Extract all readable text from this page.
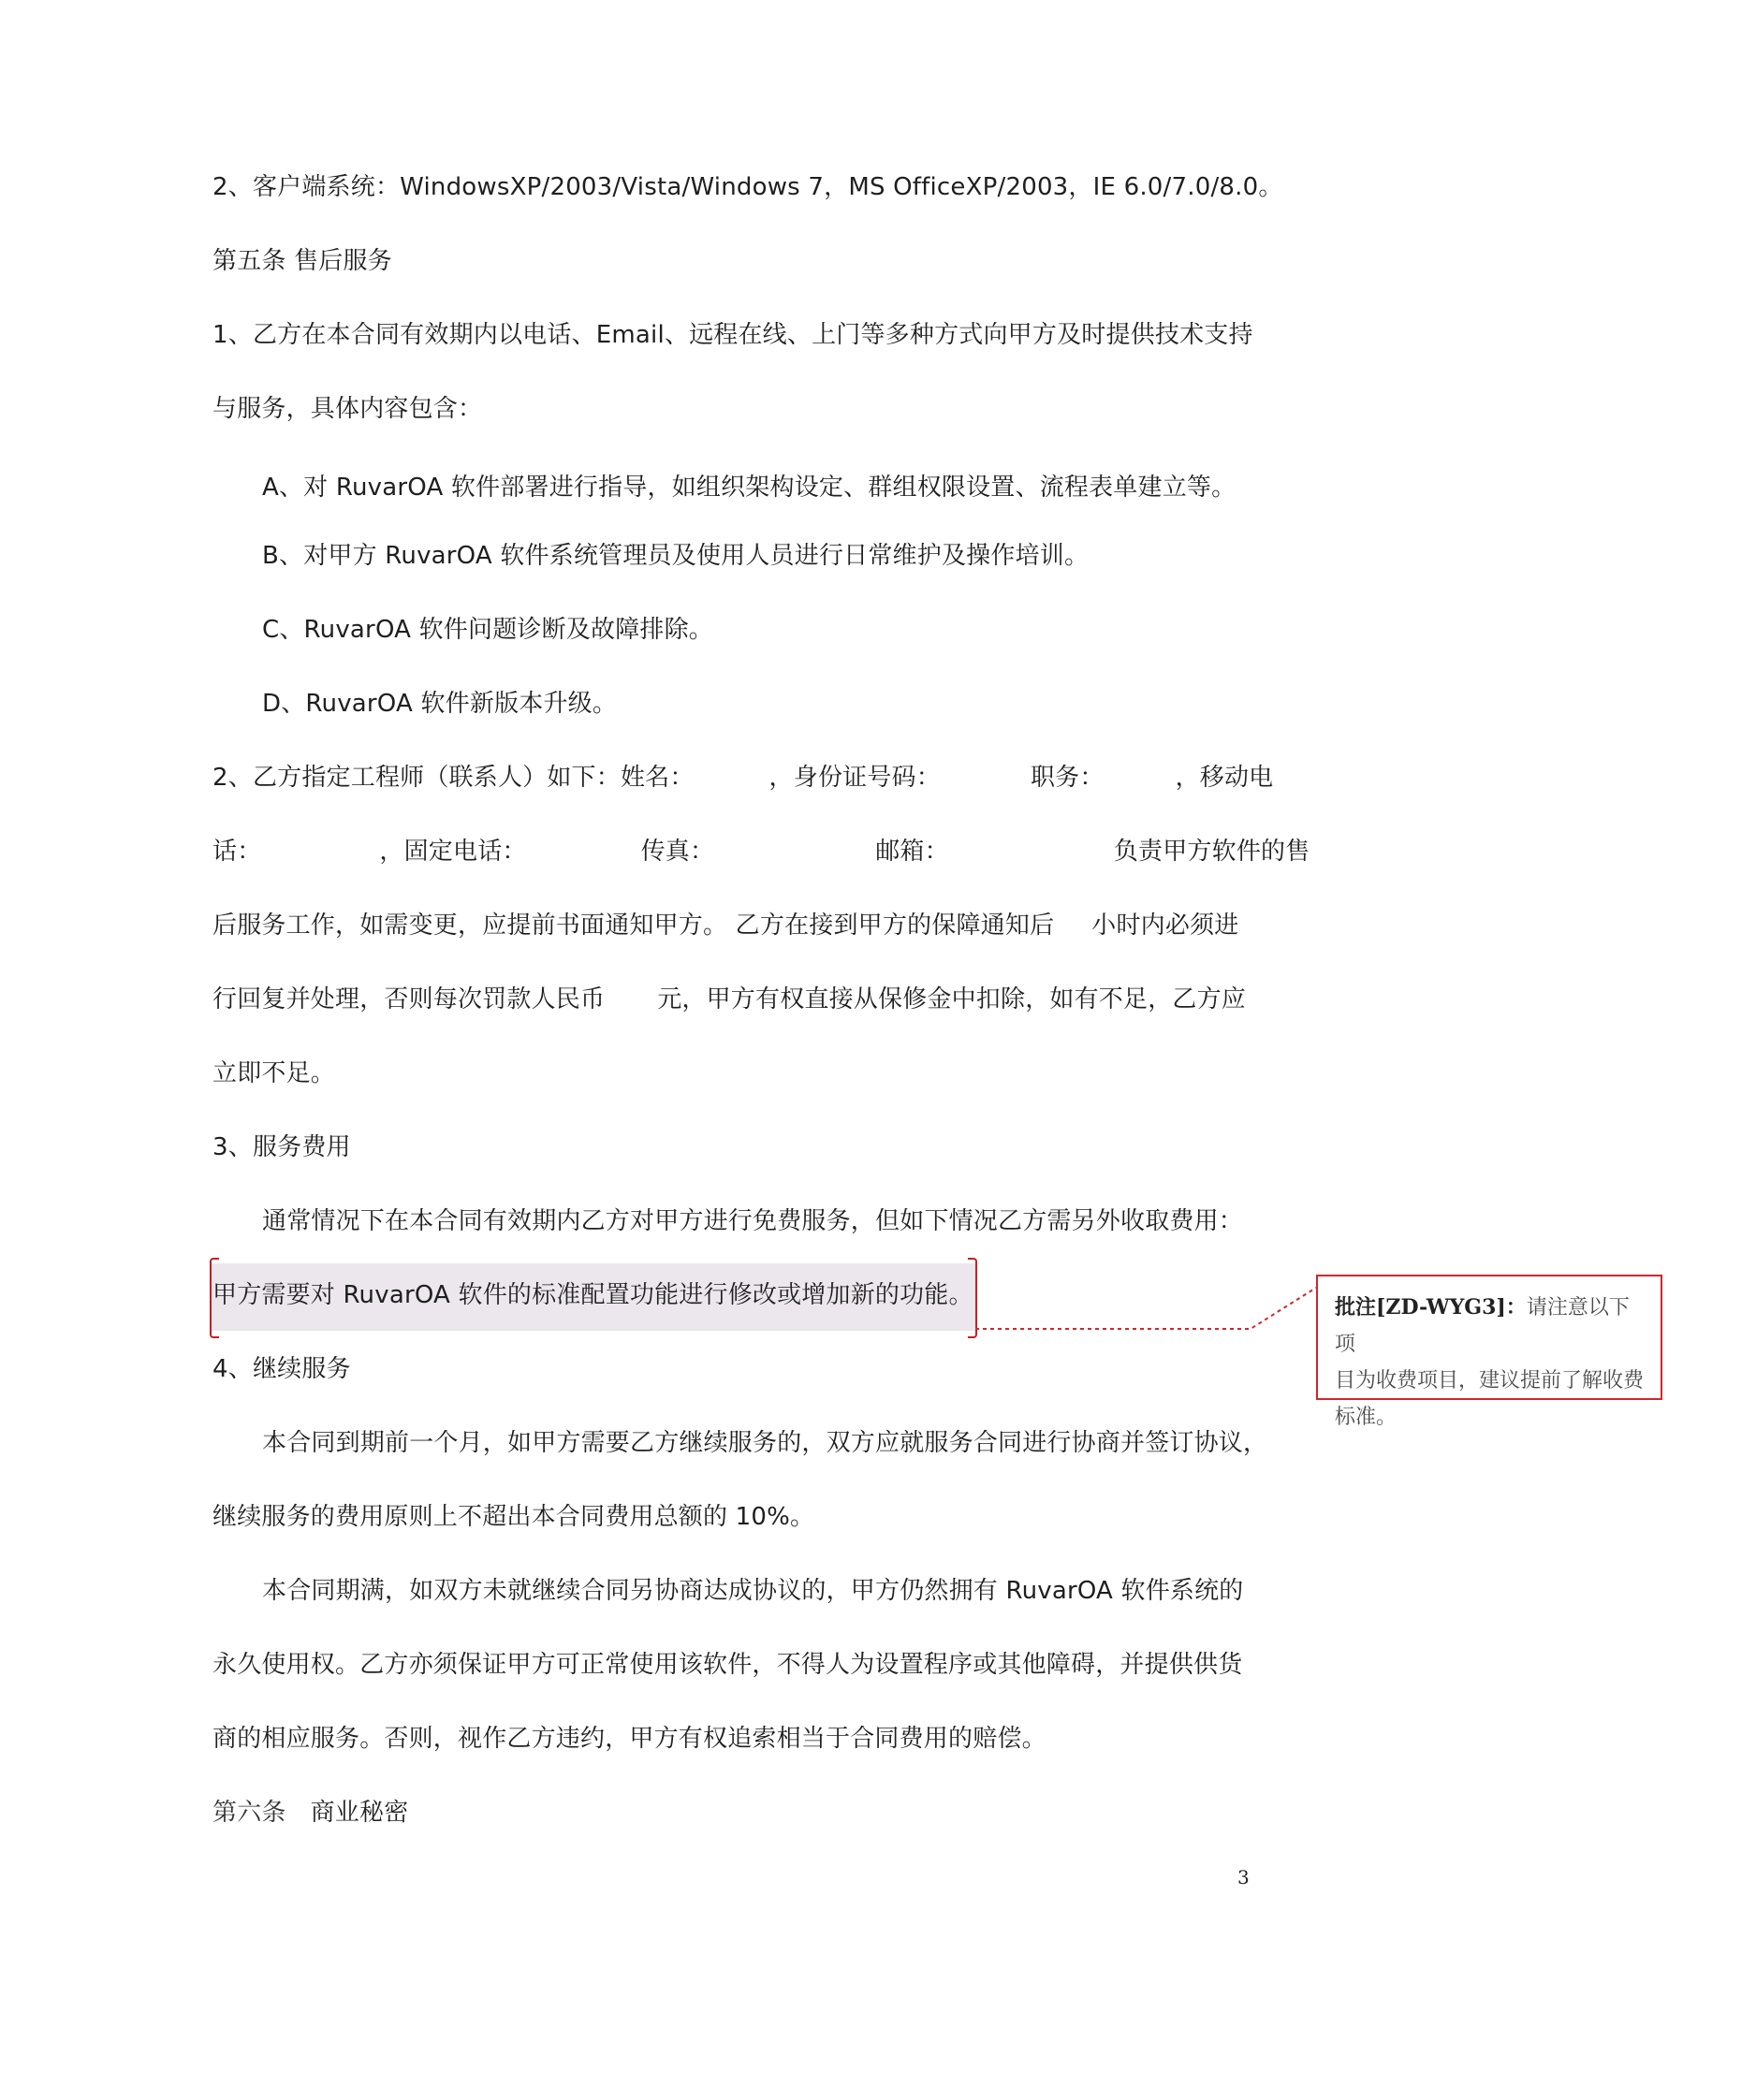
2、客户端系统：WindowsXP/2003/Vista/Windows 7，MS OfficeXP/2003，IE 6.0/7.0/8.0。
第五条 售后服务
1、乙方在本合同有效期内以电话、Email、远程在线、上门等多种方式向甲方及时提供技术支持
与服务，具体内容包含：
A、对 RuvarOA 软件部署进行指导，如组织架构设定、群组权限设置、流程表单建立等。
B、对甲方 RuvarOA 软件系统管理员及使用人员进行日常维护及操作培训。
C、RuvarOA 软件问题诊断及故障排除。
D、RuvarOA 软件新版本升级。
2、乙方指定工程师（联系人）如下：姓名：	，身份证号码：	职务：	，移动电
话：	，固定电话：	传真：	邮箱：	负责甲方软件的售
后服务工作，如需变更，应提前书面通知甲方。 乙方在接到甲方的保障通知后 小时内必须进
行回复并处理，否则每次罚款人民币 元，甲方有权直接从保修金中扣除，如有不足，乙方应
立即不足。
3、服务费用
通常情况下在本合同有效期内乙方对甲方进行免费服务，但如下情况乙方需另外收取费用：
甲方需要对 RuvarOA 软件的标准配置功能进行修改或增加新的功能。	批注[ZD-WYG3]：请注意以下项
目为收费项目，建议提前了解收费
标准。
4、继续服务
本合同到期前一个月，如甲方需要乙方继续服务的，双方应就服务合同进行协商并签订协议，
继续服务的费用原则上不超出本合同费用总额的 10%。
本合同期满，如双方未就继续合同另协商达成协议的，甲方仍然拥有 RuvarOA 软件系统的
永久使用权。乙方亦须保证甲方可正常使用该软件，不得人为设置程序或其他障碍，并提供供货
商的相应服务。否则，视作乙方违约，甲方有权追索相当于合同费用的赔偿。
第六条 商业秘密
3
